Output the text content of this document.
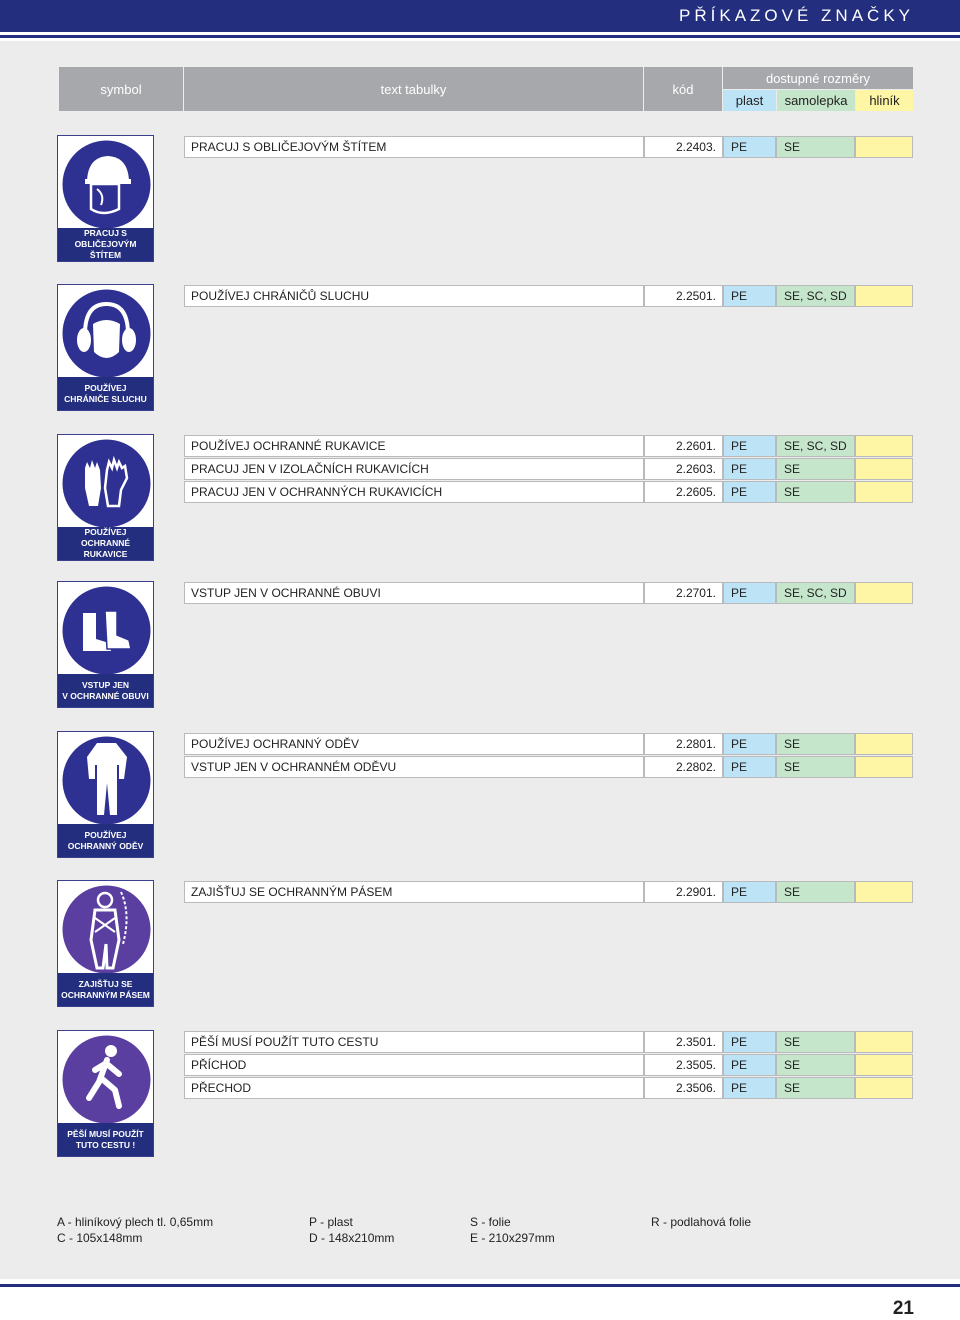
PŘÍKAZOVÉ ZNAČKY
symbol	text tabulky	kód
dostupné rozměry
plast	samolepka	hliník
PRACUJ S OBLIČEJOVÝM
ŠTÍTEM
PRACUJ S OBLIČEJOVÝM ŠTÍTEM	2.2403.	PE	SE
POUŽÍVEJ
CHRÁNIČE SLUCHU
POUŽÍVEJ CHRÁNIČŮ SLUCHU	2.2501.	PE	SE, SC, SD
POUŽÍVEJ
OCHRANNÉ RUKAVICE
POUŽÍVEJ OCHRANNÉ RUKAVICE	2.2601.	PE	SE, SC, SD
PRACUJ JEN V IZOLAČNÍCH RUKAVICÍCH	2.2603.	PE	SE
PRACUJ JEN V OCHRANNÝCH RUKAVICÍCH	2.2605.	PE	SE
VSTUP JEN
V OCHRANNÉ OBUVI
VSTUP JEN V OCHRANNÉ OBUVI	2.2701.	PE	SE, SC, SD
POUŽÍVEJ
OCHRANNÝ ODĚV
POUŽÍVEJ OCHRANNÝ ODĚV	2.2801.	PE	SE
VSTUP JEN V OCHRANNÉM ODĚVU	2.2802.	PE	SE
ZAJIŠŤUJ SE
OCHRANNÝM PÁSEM
ZAJIŠŤUJ SE OCHRANNÝM PÁSEM	2.2901.	PE	SE
PĚŠÍ MUSÍ POUŽÍT
TUTO CESTU !
PĚŠÍ MUSÍ POUŽÍT TUTO CESTU	2.3501.	PE	SE
PŘÍCHOD	2.3505.	PE	SE
PŘECHOD	2.3506.	PE	SE
A - hliníkový plech tl. 0,65mm	P - plast	S - folie	R - podlahová folie
C - 105x148mm	D - 148x210mm	E - 210x297mm
21
